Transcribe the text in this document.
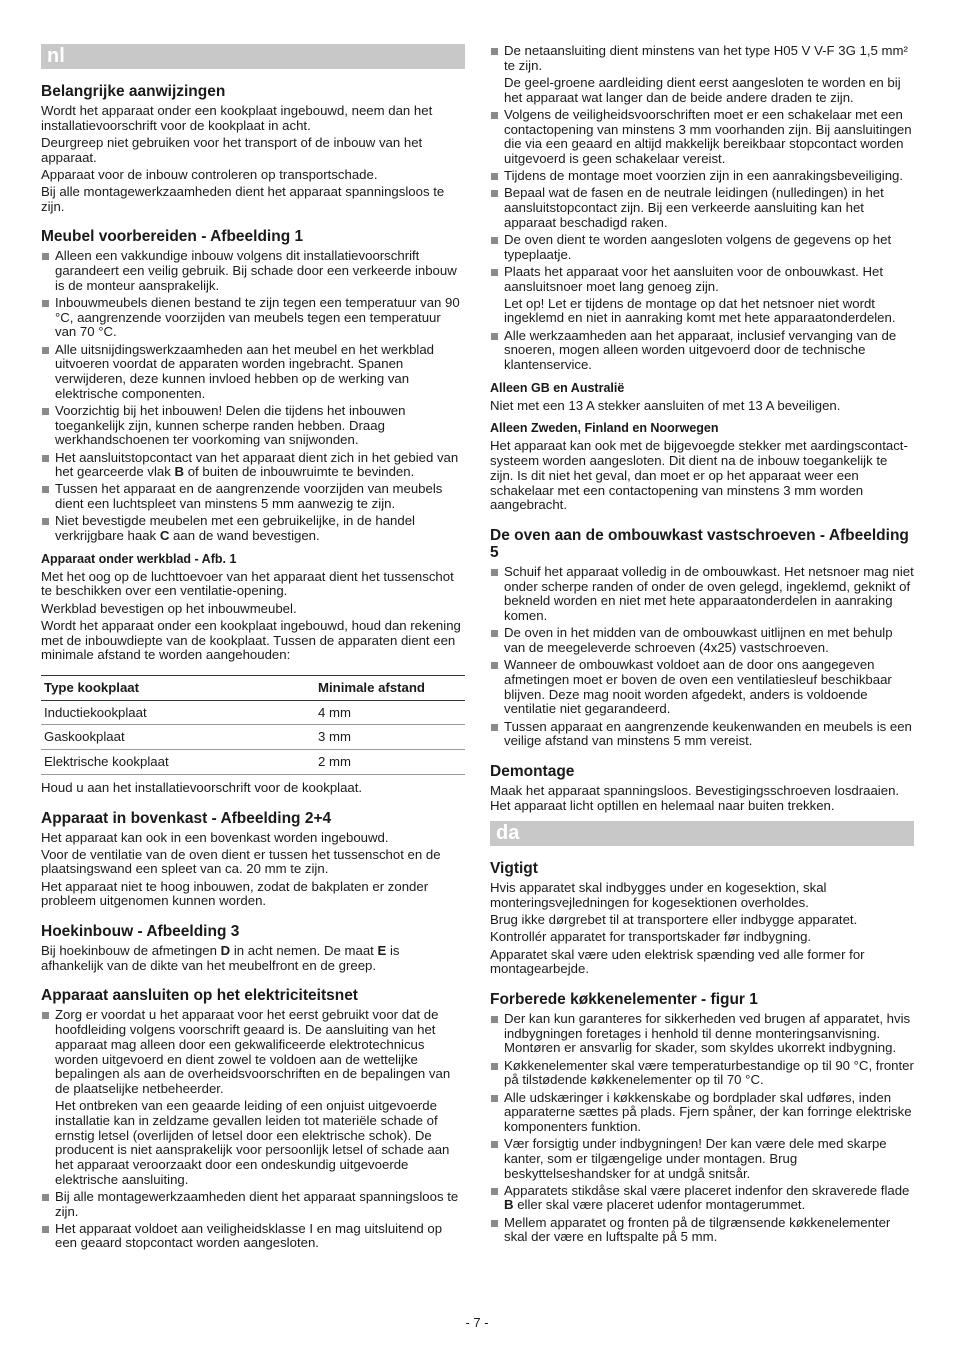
nl
Belangrijke aanwijzingen

Wordt het apparaat onder een kookplaat ingebouwd, neem dan het installatievoorschrift voor de kookplaat in acht.

Deurgreep niet gebruiken voor het transport of de inbouw van het apparaat.

Apparaat voor de inbouw controleren op transportschade.

Bij alle montagewerkzaamheden dient het apparaat spanningsloos te zijn.

Meubel voorbereiden - Afbeelding 1
Alleen een vakkundige inbouw volgens dit installatievoorschrift garandeert een veilig gebruik. Bij schade door een verkeerde inbouw is de monteur aansprakelijk.
Inbouwmeubels dienen bestand te zijn tegen een temperatuur van 90 °C, aangrenzende voorzijden van meubels tegen een temperatuur van 70 °C.
Alle uitsnijdingswerkzaamheden aan het meubel en het werkblad uitvoeren voordat de apparaten worden ingebracht. Spanen verwijderen, deze kunnen invloed hebben op de werking van elektrische componenten.
Voorzichtig bij het inbouwen! Delen die tijdens het inbouwen toegankelijk zijn, kunnen scherpe randen hebben. Draag werkhandschoenen ter voorkoming van snijwonden.
Het aansluitstopcontact van het apparaat dient zich in het gebied van het gearceerde vlak B of buiten de inbouwruimte te bevinden.
Tussen het apparaat en de aangrenzende voorzijden van meubels dient een luchtspleet van minstens 5 mm aanwezig te zijn.
Niet bevestigde meubelen met een gebruikelijke, in de handel verkrijgbare haak C aan de wand bevestigen.
Apparaat onder werkblad - Afb. 1

Met het oog op de luchttoevoer van het apparaat dient het tussenschot te beschikken over een ventilatie-opening.

Werkblad bevestigen op het inbouwmeubel.

Wordt het apparaat onder een kookplaat ingebouwd, houd dan rekening met de inbouwdiepte van de kookplaat. Tussen de apparaten dient een minimale afstand te worden aangehouden:

Type kookplaat	Minimale afstand
Inductiekookplaat	4 mm
Gaskookplaat	3 mm
Elektrische kookplaat	2 mm

Houd u aan het installatievoorschrift voor de kookplaat.

Apparaat in bovenkast - Afbeelding 2+4

Het apparaat kan ook in een bovenkast worden ingebouwd.

Voor de ventilatie van de oven dient er tussen het tussenschot en de plaatsingswand een spleet van ca. 20 mm te zijn.

Het apparaat niet te hoog inbouwen, zodat de bakplaten er zonder probleem uitgenomen kunnen worden.

Hoekinbouw - Afbeelding 3

Bij hoekinbouw de afmetingen D in acht nemen. De maat E is afhankelijk van de dikte van het meubelfront en de greep.

Apparaat aansluiten op het elektriciteitsnet

Zorg er voordat u het apparaat voor het eerst gebruikt voor dat de hoofdleiding volgens voorschrift geaard is. De aansluiting van het apparaat mag alleen door een gekwalificeerde elektrotechnicus worden uitgevoerd en dient zowel te voldoen aan de wettelijke bepalingen als aan de overheidsvoorschriften en de bepalingen van de plaatselijke netbeheerder.

Het ontbreken van een geaarde leiding of een onjuist uitgevoerde installatie kan in zeldzame gevallen leiden tot materiële schade of ernstig letsel (overlijden of letsel door een elektrische schok). De producent is niet aansprakelijk voor persoonlijk letsel of schade aan het apparaat veroorzaakt door een ondeskundig uitgevoerde elektrische aansluiting.

Bij alle montagewerkzaamheden dient het apparaat spanningsloos te zijn.
Het apparaat voldoet aan veiligheidsklasse I en mag uitsluitend op een geaard stopcontact worden aangesloten.

De netaansluiting dient minstens van het type H05 V V-F 3G 1,5 mm² te zijn.

De geel-groene aardleiding dient eerst aangesloten te worden en bij het apparaat wat langer dan de beide andere draden te zijn.

Volgens de veiligheidsvoorschriften moet er een schakelaar met een contactopening van minstens 3 mm voorhanden zijn. Bij aansluitingen die via een geaard en altijd makkelijk bereikbaar stopcontact worden uitgevoerd is geen schakelaar vereist.
Tijdens de montage moet voorzien zijn in een aanrakingsbeveiliging.
Bepaal wat de fasen en de neutrale leidingen (nulledingen) in het aansluitstopcontact zijn. Bij een verkeerde aansluiting kan het apparaat beschadigd raken.
De oven dient te worden aangesloten volgens de gegevens op het typeplaatje.

Plaats het apparaat voor het aansluiten voor de onbouwkast. Het aansluitsnoer moet lang genoeg zijn.

Let op! Let er tijdens de montage op dat het netsnoer niet wordt ingeklemd en niet in aanraking komt met hete apparaatonderdelen.

Alle werkzaamheden aan het apparaat, inclusief vervanging van de snoeren, mogen alleen worden uitgevoerd door de technische klantenservice.
Alleen GB en Australië

Niet met een 13 A stekker aansluiten of met 13 A beveiligen.

Alleen Zweden, Finland en Noorwegen

Het apparaat kan ook met de bijgevoegde stekker met aardingscontact-systeem worden aangesloten. Dit dient na de inbouw toegankelijk te zijn. Is dit niet het geval, dan moet er op het apparaat weer een schakelaar met een contactopening van minstens 3 mm worden aangebracht.

De oven aan de ombouwkast vastschroeven - Afbeelding 5
Schuif het apparaat volledig in de ombouwkast. Het netsnoer mag niet onder scherpe randen of onder de oven gelegd, ingeklemd, geknikt of bekneld worden en niet met hete apparaatonderdelen in aanraking komen.
De oven in het midden van de ombouwkast uitlijnen en met behulp van de meegeleverde schroeven (4x25) vastschroeven.
Wanneer de ombouwkast voldoet aan de door ons aangegeven afmetingen moet er boven de oven een ventilatiesleuf beschikbaar blijven. Deze mag nooit worden afgedekt, anders is voldoende ventilatie niet gegarandeerd.
Tussen apparaat en aangrenzende keukenwanden en meubels is een veilige afstand van minstens 5 mm vereist.
Demontage

Maak het apparaat spanningsloos. Bevestigingsschroeven losdraaien. Het apparaat licht optillen en helemaal naar buiten trekken.

da
Vigtigt

Hvis apparatet skal indbygges under en kogesektion, skal monteringsvejledningen for kogesektionen overholdes.

Brug ikke dørgrebet til at transportere eller indbygge apparatet.

Kontrollér apparatet for transportskader før indbygning.

Apparatet skal være uden elektrisk spænding ved alle former for montagearbejde.

Forberede køkkenelementer - figur 1
Der kan kun garanteres for sikkerheden ved brugen af apparatet, hvis indbygningen foretages i henhold til denne monteringsanvisning. Montøren er ansvarlig for skader, som skyldes ukorrekt indbygning.
Køkkenelementer skal være temperaturbestandige op til 90 °C, fronter på tilstødende køkkenelementer op til 70 °C.
Alle udskæringer i køkkenskabe og bordplader skal udføres, inden apparaterne sættes på plads. Fjern spåner, der kan forringe elektriske komponenters funktion.
Vær forsigtig under indbygningen! Der kan være dele med skarpe kanter, som er tilgængelige under montagen. Brug beskyttelseshandsker for at undgå snitsår.
Apparatets stikdåse skal være placeret indenfor den skraverede flade B eller skal være placeret udenfor montagerummet.
Mellem apparatet og fronten på de tilgrænsende køkkenelementer skal der være en luftspalte på 5 mm.
- 7 -
